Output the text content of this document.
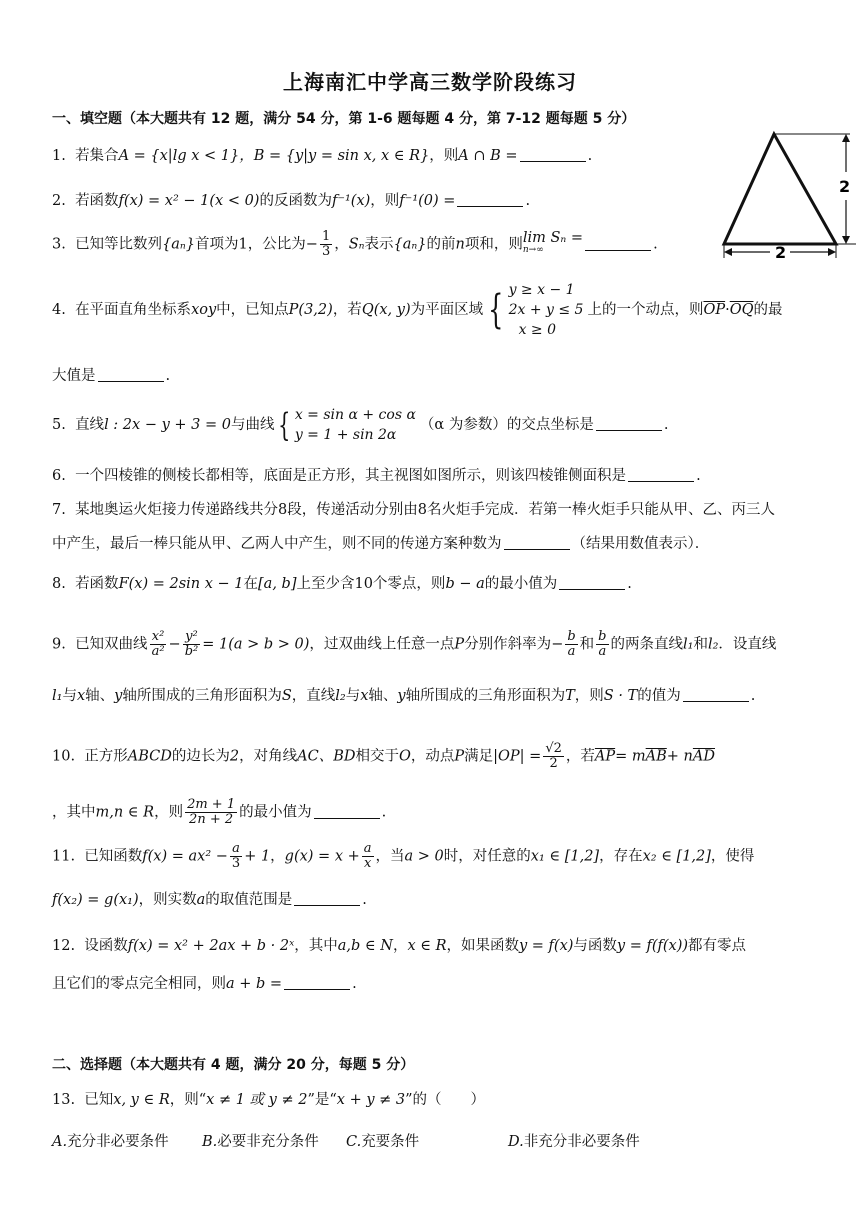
上海南汇中学高三数学阶段练习
一、填空题（本大题共有 12 题，满分 54 分，第 1-6 题每题 4 分，第 7-12 题每题 5 分）
2
2
1. 若集合A = {x|lg x < 1}，B = {y|y = sin x, x ∈ R}，则A ∩ B =	.
2. 若函数f(x) = x² − 1(x < 0)的反函数为f⁻¹(x)，则f⁻¹(0) =	.
3. 已知等比数列{aₙ}首项为1，公比为− $\frac{1}{3}$ ，Sₙ表示{aₙ}的前n项和，则 lim Sₙ =
n→∞	.
4. 在平面直角坐标系xoy中，已知点P(3,2)，若Q(x, y)为平面区域 { y ≥ x − 1
2x + y ≤ 5
x ≥ 0
上的一个动点，则$\overline{OP}\cdot\overline{OQ}$的最
大值是	.
5. 直线l : 2x − y + 3 = 0与曲线 { x = sin α + cos α
y = 1 + sin 2α
（α 为参数）的交点坐标是	.
6. 一个四棱锥的侧棱长都相等，底面是正方形，其主视图如图所示，则该四棱锥侧面积是	.
7. 某地奥运火炬接力传递路线共分8段，传递活动分别由8名火炬手完成．若第一棒火炬手只能从甲、乙、丙三人
中产生，最后一棒只能从甲、乙两人中产生，则不同的传递方案种数为	（结果用数值表示）．
8. 若函数F(x) = 2sin x − 1在[a, b]上至少含10个零点，则b − a的最小值为	.
9. 已知双曲线 $\frac{\text{x²}}{\text{a²}} - \frac{\text{y²}}{\text{b²}} = 1(a > b > 0)$，过双曲线上任意一点P分别作斜率为− $\frac{b}{a}$ 和 $\frac{b}{a}$ 的两条直线l₁和l₂．设直线
l₁与x轴、y轴所围成的三角形面积为S，直线l₂与x轴、y轴所围成的三角形面积为T，则S · T的值为	.
10. 正方形ABCD的边长为2，对角线AC、BD相交于O，动点P满足$|OP| = \frac{√2}{2}$ ，若$\overline{AP}= m\overline{AB}+ n\overline{AD}$
，其中m,n ∈ R，则 $\frac{2m + 1}{2n + 2}$ 的最小值为	.
11. 已知函数$f(x) = ax^2 - \frac{a}{3} + 1$，$g(x) = x + \frac{a}{x}$ ，当a > 0时，对任意的x₁ ∈ [1,2]，存在x₂ ∈ [1,2]，使得
f(x₂) = g(x₁)，则实数a的取值范围是	.
12. 设函数f(x) = x² + 2ax + b · 2ˣ，其中a,b ∈ N，x ∈ R，如果函数y = f(x)与函数y = f(f(x))都有零点
且它们的零点完全相同，则a + b =	.
二、选择题（本大题共有 4 题，满分 20 分，每题 5 分）
13. 已知x, y ∈ R，则“x ≠ 1 或 y ≠ 2”是“x + y ≠ 3”的（　　）
A.充分非必要条件 B.必要非充分条件 C.充要条件	D.非充分非必要条件
